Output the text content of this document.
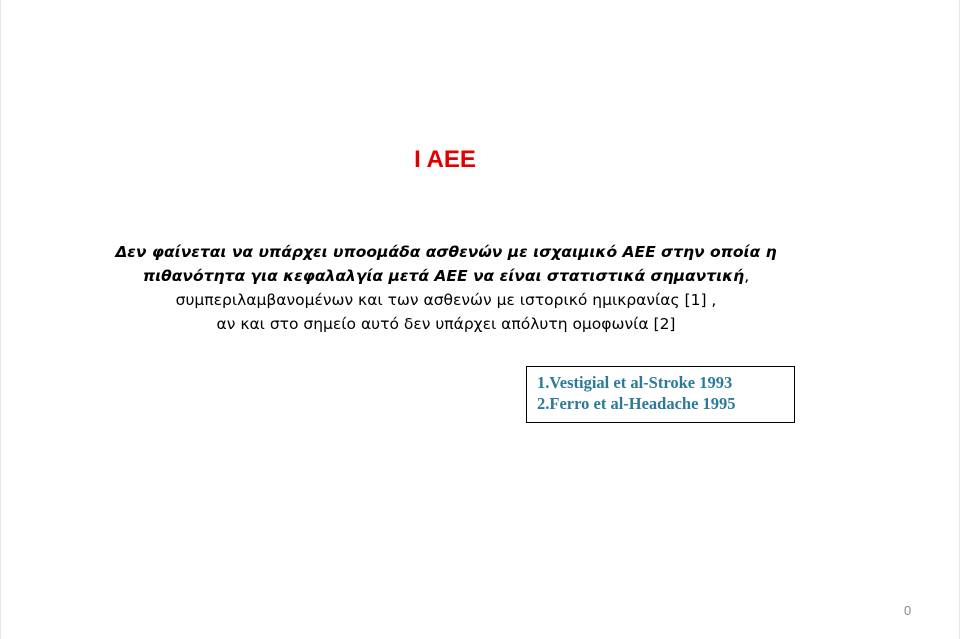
I AEE
Δεν φαίνεται να υπάρχει υποομάδα ασθενών με ισχαιμικό ΑΕΕ στην οποία η
πιθανότητα για κεφαλαλγία μετά ΑΕΕ να είναι στατιστικά σημαντική,
συμπεριλαμβανομένων και των ασθενών με ιστορικό ημικρανίας [1] ,
αν και στο σημείο αυτό δεν υπάρχει απόλυτη ομοφωνία [2]
1.Vestigial et al-Stroke 1993
2.Ferro et al-Headache 1995
0
